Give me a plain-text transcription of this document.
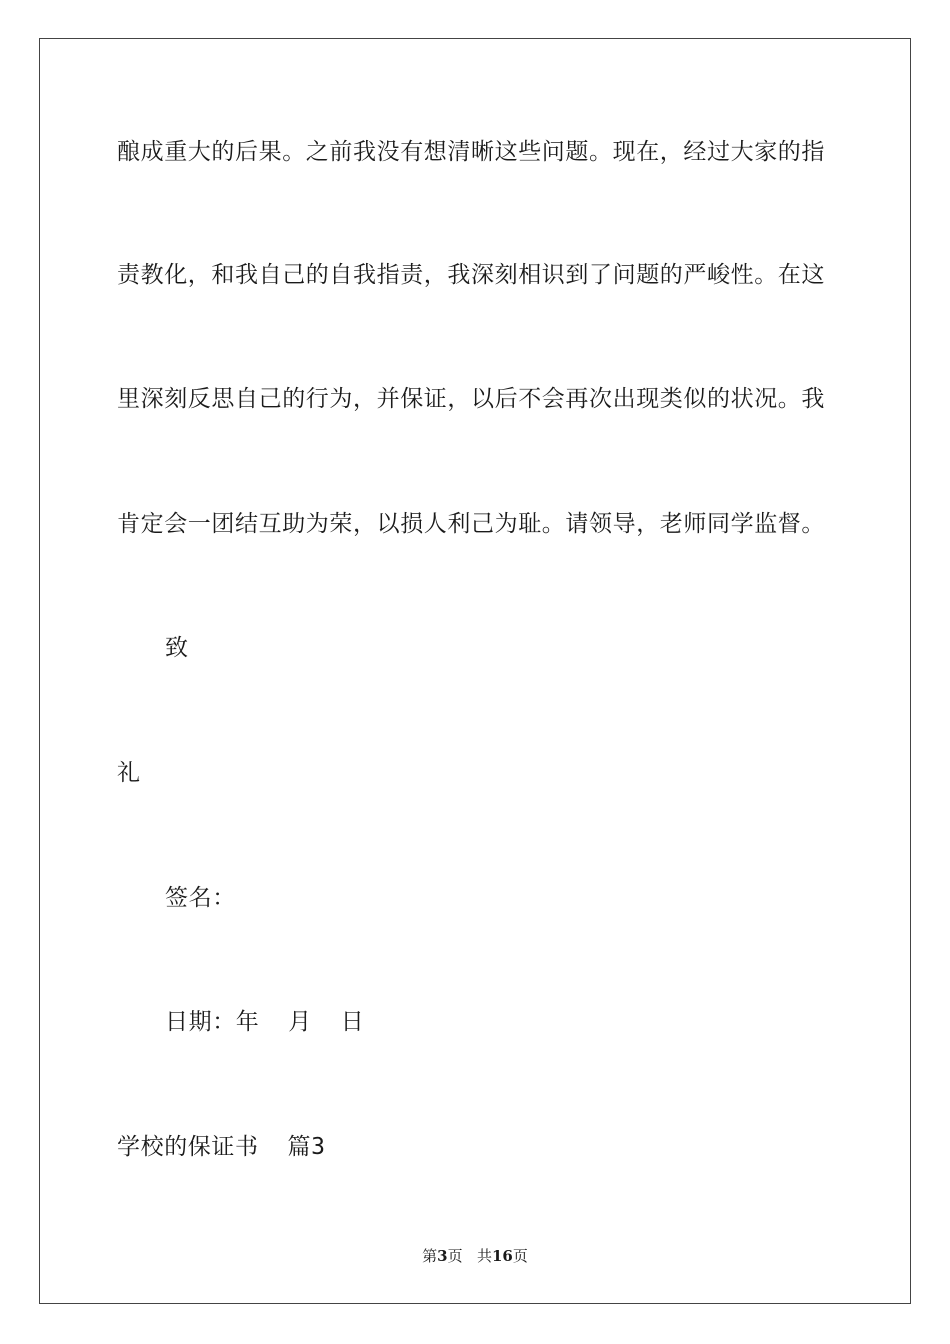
酿成重大的后果。之前我没有想清晰这些问题。现在，经过大家的指
责教化，和我自己的自我指责，我深刻相识到了问题的严峻性。在这
里深刻反思自己的行为，并保证，以后不会再次出现类似的状况。我
肯定会一团结互助为荣，以损人利己为耻。请领导，老师同学监督。
致
礼
签名：
日期：年  月  日
学校的保证书  篇3
第3页 共16页
